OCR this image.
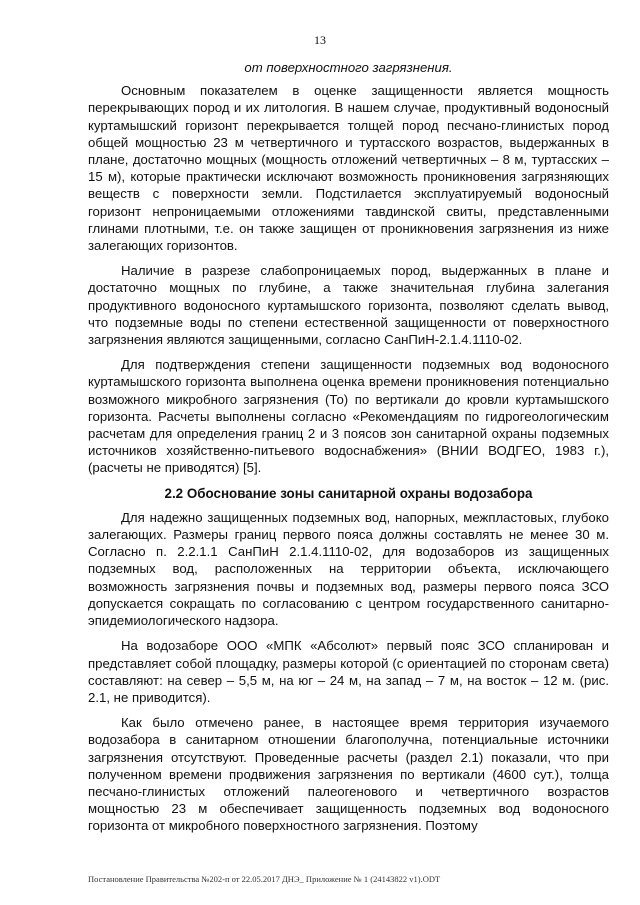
13

от поверхностного загрязнения.

Основным показателем в оценке защищенности является мощность перекрывающих пород и их литология. В нашем случае, продуктивный водоносный куртамышский горизонт перекрывается толщей пород песчано-глинистых пород общей мощностью 23 м четвертичного и туртасского возрастов, выдержанных в плане, достаточно мощных (мощность отложений четвертичных – 8 м, туртасских – 15 м), которые практически исключают возможность проникновения загрязняющих веществ с поверхности земли. Подстилается эксплуатируемый водоносный горизонт непроницаемыми отложениями тавдинской свиты, представленными глинами плотными, т.е. он также защищен от проникновения загрязнения из ниже залегающих горизонтов.

Наличие в разрезе слабопроницаемых пород, выдержанных в плане и достаточно мощных по глубине, а также значительная глубина залегания продуктивного водоносного куртамышского горизонта, позволяют сделать вывод, что подземные воды по степени естественной защищенности от поверхностного загрязнения являются защищенными, согласно СанПиН-2.1.4.1110-02.

Для подтверждения степени защищенности подземных вод водоносного куртамышского горизонта выполнена оценка времени проникновения потенциально возможного микробного загрязнения (То) по вертикали до кровли куртамышского горизонта. Расчеты выполнены согласно «Рекомендациям по гидрогеологическим расчетам для определения границ 2 и 3 поясов зон санитарной охраны подземных источников хозяйственно-питьевого водоснабжения» (ВНИИ ВОДГЕО, 1983 г.), (расчеты не приводятся) [5].

2.2 Обоснование зоны санитарной охраны водозабора

Для надежно защищенных подземных вод, напорных, межпластовых, глубоко залегающих. Размеры границ первого пояса должны составлять не менее 30 м. Согласно п. 2.2.1.1 СанПиН 2.1.4.1110-02, для водозаборов из защищенных подземных вод, расположенных на территории объекта, исключающего возможность загрязнения почвы и подземных вод, размеры первого пояса ЗСО допускается сокращать по согласованию с центром государственного санитарно-эпидемиологического надзора.

На водозаборе ООО «МПК «Абсолют» первый пояс ЗСО спланирован и представляет собой площадку, размеры которой (с ориентацией по сторонам света) составляют: на север – 5,5 м, на юг – 24 м, на запад – 7 м, на восток – 12 м. (рис. 2.1, не приводится).

Как было отмечено ранее, в настоящее время территория изучаемого водозабора в санитарном отношении благополучна, потенциальные источники загрязнения отсутствуют. Проведенные расчеты (раздел 2.1) показали, что при полученном времени продвижения загрязнения по вертикали (4600 сут.), толща песчано-глинистых отложений палеогенового и четвертичного возрастов мощностью 23 м обеспечивает защищенность подземных вод водоносного горизонта от микробного поверхностного загрязнения. Поэтому

Постановление Правительства №202-п от 22.05.2017 ДНЭ_ Приложение № 1 (24143822 v1).ODT
